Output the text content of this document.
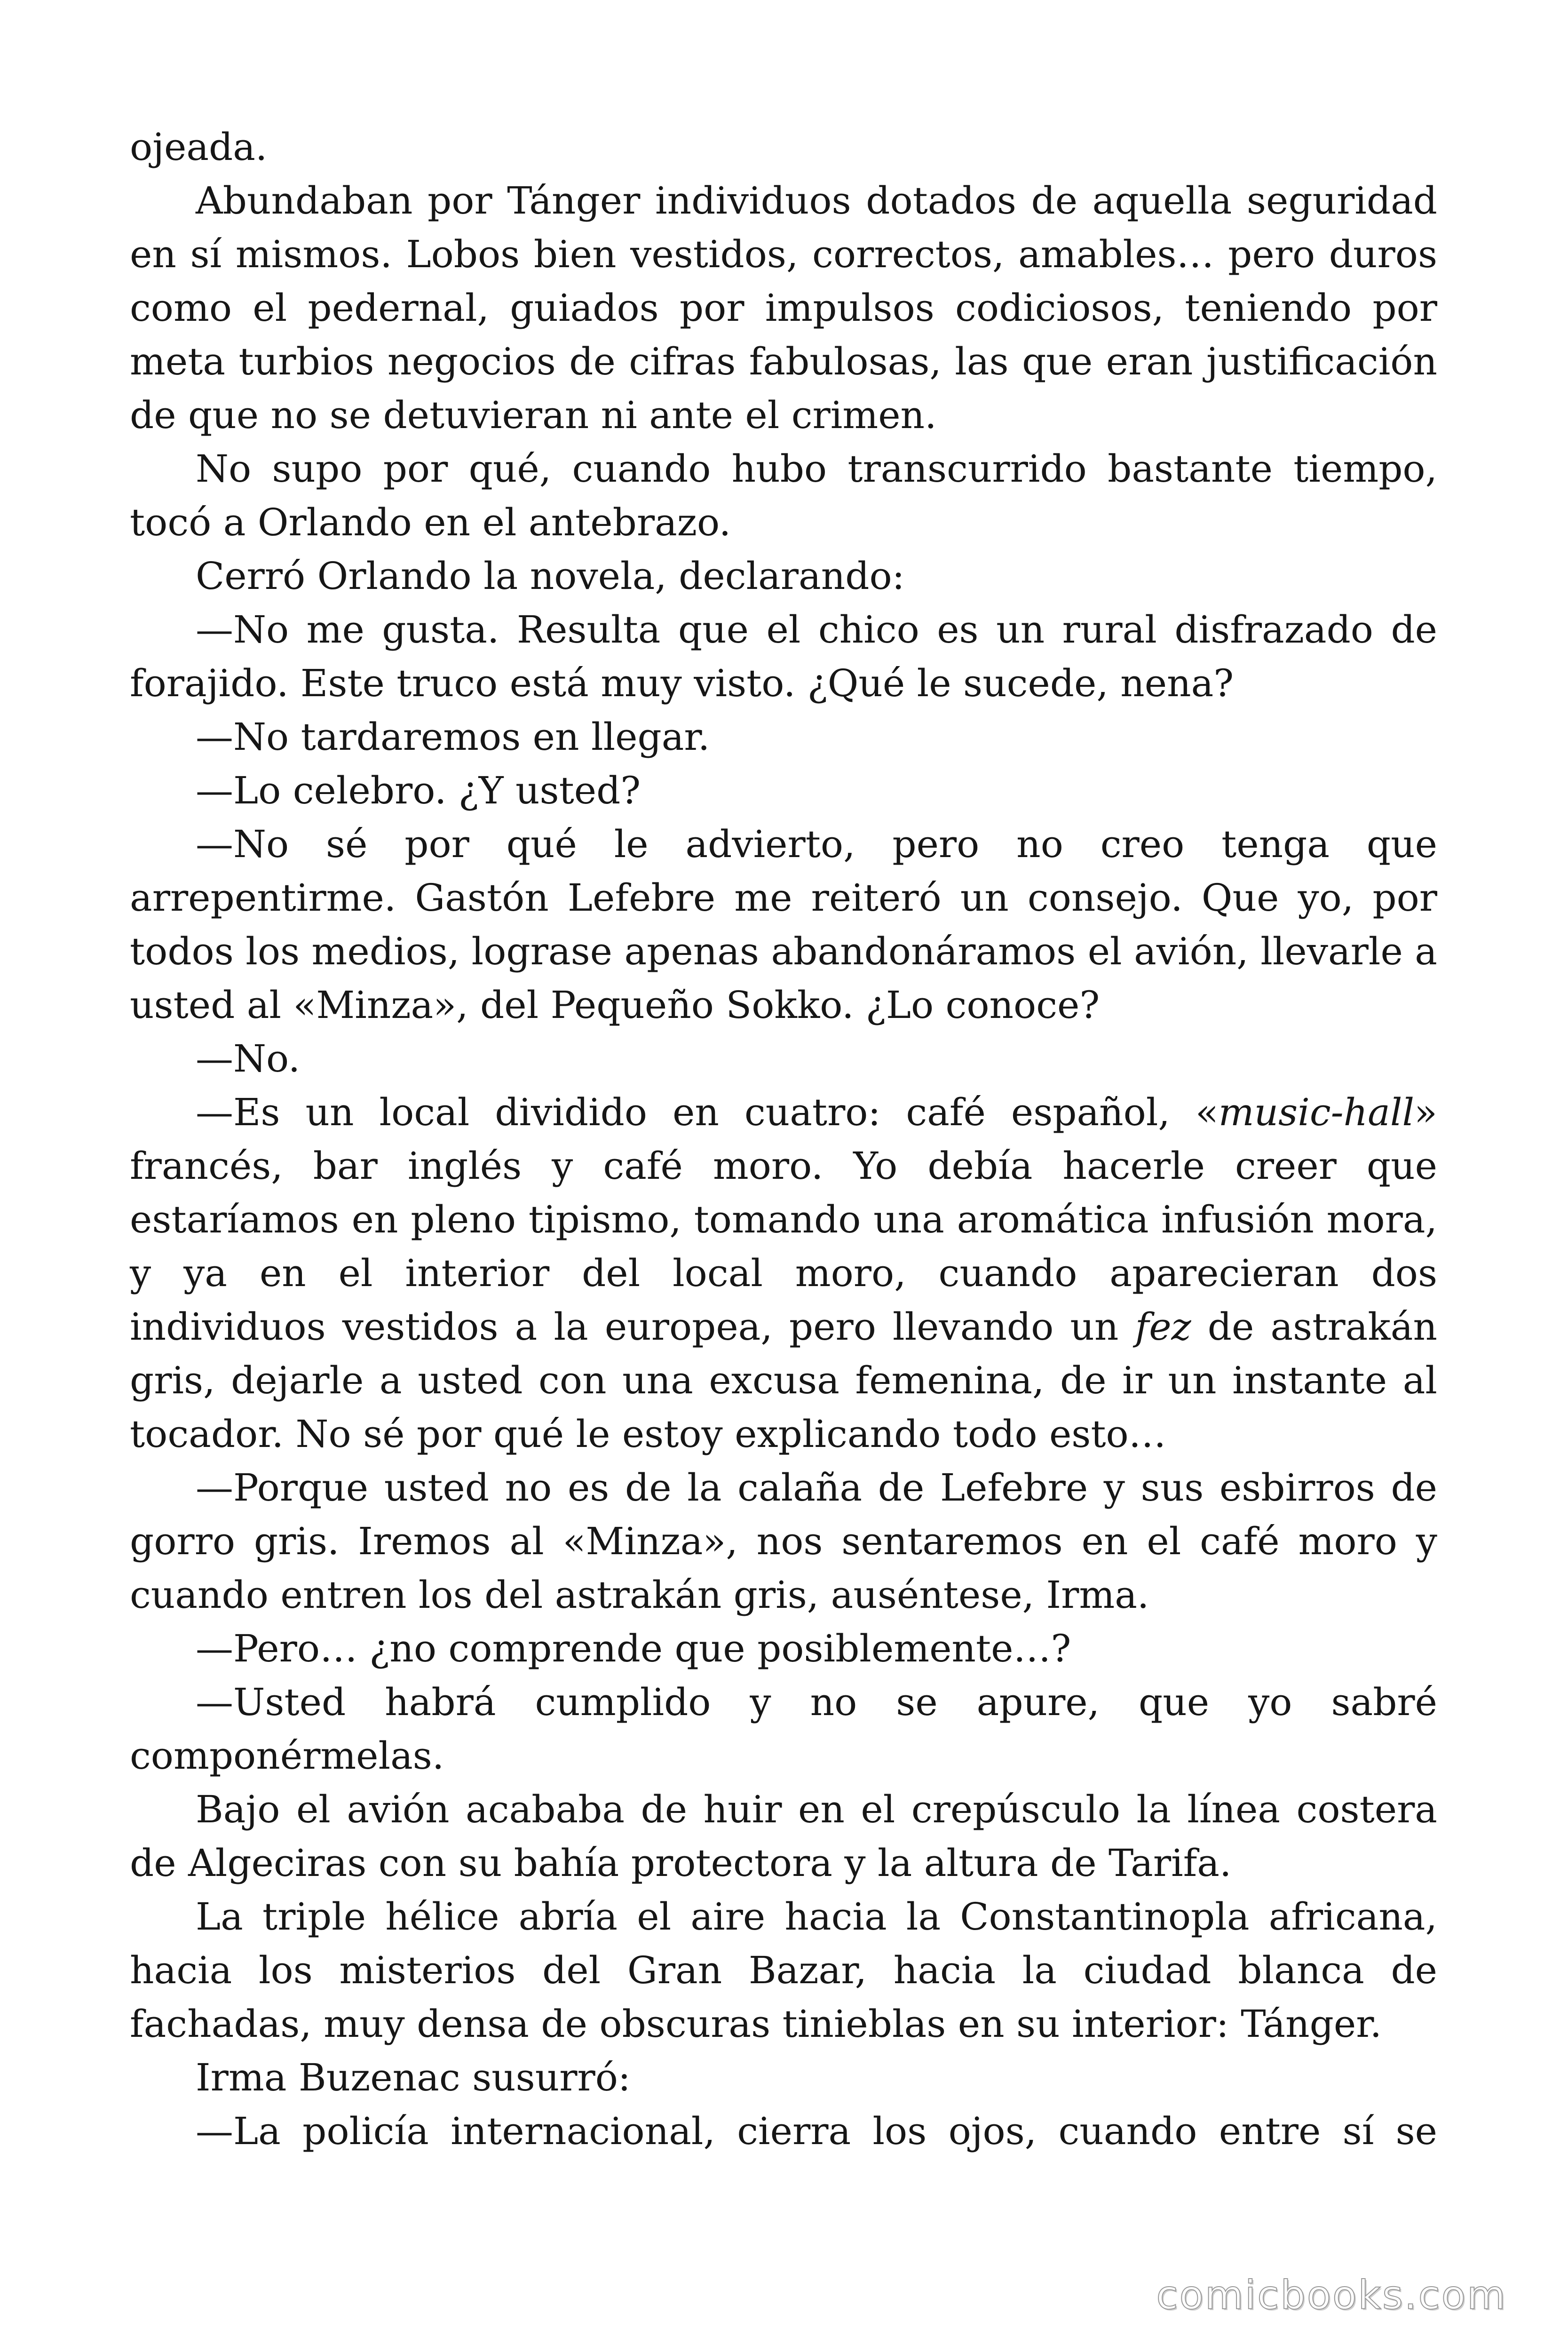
ojeada.
Abundaban por Tánger individuos dotados de aquella seguridad
en sí mismos. Lobos bien vestidos, correctos, amables… pero duros
como el pedernal, guiados por impulsos codiciosos, teniendo por
meta turbios negocios de cifras fabulosas, las que eran justificación
de que no se detuvieran ni ante el crimen.
No supo por qué, cuando hubo transcurrido bastante tiempo,
tocó a Orlando en el antebrazo.
Cerró Orlando la novela, declarando:
—No me gusta. Resulta que el chico es un rural disfrazado de
forajido. Este truco está muy visto. ¿Qué le sucede, nena?
—No tardaremos en llegar.
—Lo celebro. ¿Y usted?
—No sé por qué le advierto, pero no creo tenga que
arrepentirme. Gastón Lefebre me reiteró un consejo. Que yo, por
todos los medios, lograse apenas abandonáramos el avión, llevarle a
usted al «Minza», del Pequeño Sokko. ¿Lo conoce?
—No.
—Es un local dividido en cuatro: café español, «music-hall»
francés, bar inglés y café moro. Yo debía hacerle creer que
estaríamos en pleno tipismo, tomando una aromática infusión mora,
y ya en el interior del local moro, cuando aparecieran dos
individuos vestidos a la europea, pero llevando un fez de astrakán
gris, dejarle a usted con una excusa femenina, de ir un instante al
tocador. No sé por qué le estoy explicando todo esto…
—Porque usted no es de la calaña de Lefebre y sus esbirros de
gorro gris. Iremos al «Minza», nos sentaremos en el café moro y
cuando entren los del astrakán gris, auséntese, Irma.
—Pero… ¿no comprende que posiblemente…?
—Usted habrá cumplido y no se apure, que yo sabré
componérmelas.
Bajo el avión acababa de huir en el crepúsculo la línea costera
de Algeciras con su bahía protectora y la altura de Tarifa.
La triple hélice abría el aire hacia la Constantinopla africana,
hacia los misterios del Gran Bazar, hacia la ciudad blanca de
fachadas, muy densa de obscuras tinieblas en su interior: Tánger.
Irma Buzenac susurró:
—La policía internacional, cierra los ojos, cuando entre sí se
comicbooks.com
